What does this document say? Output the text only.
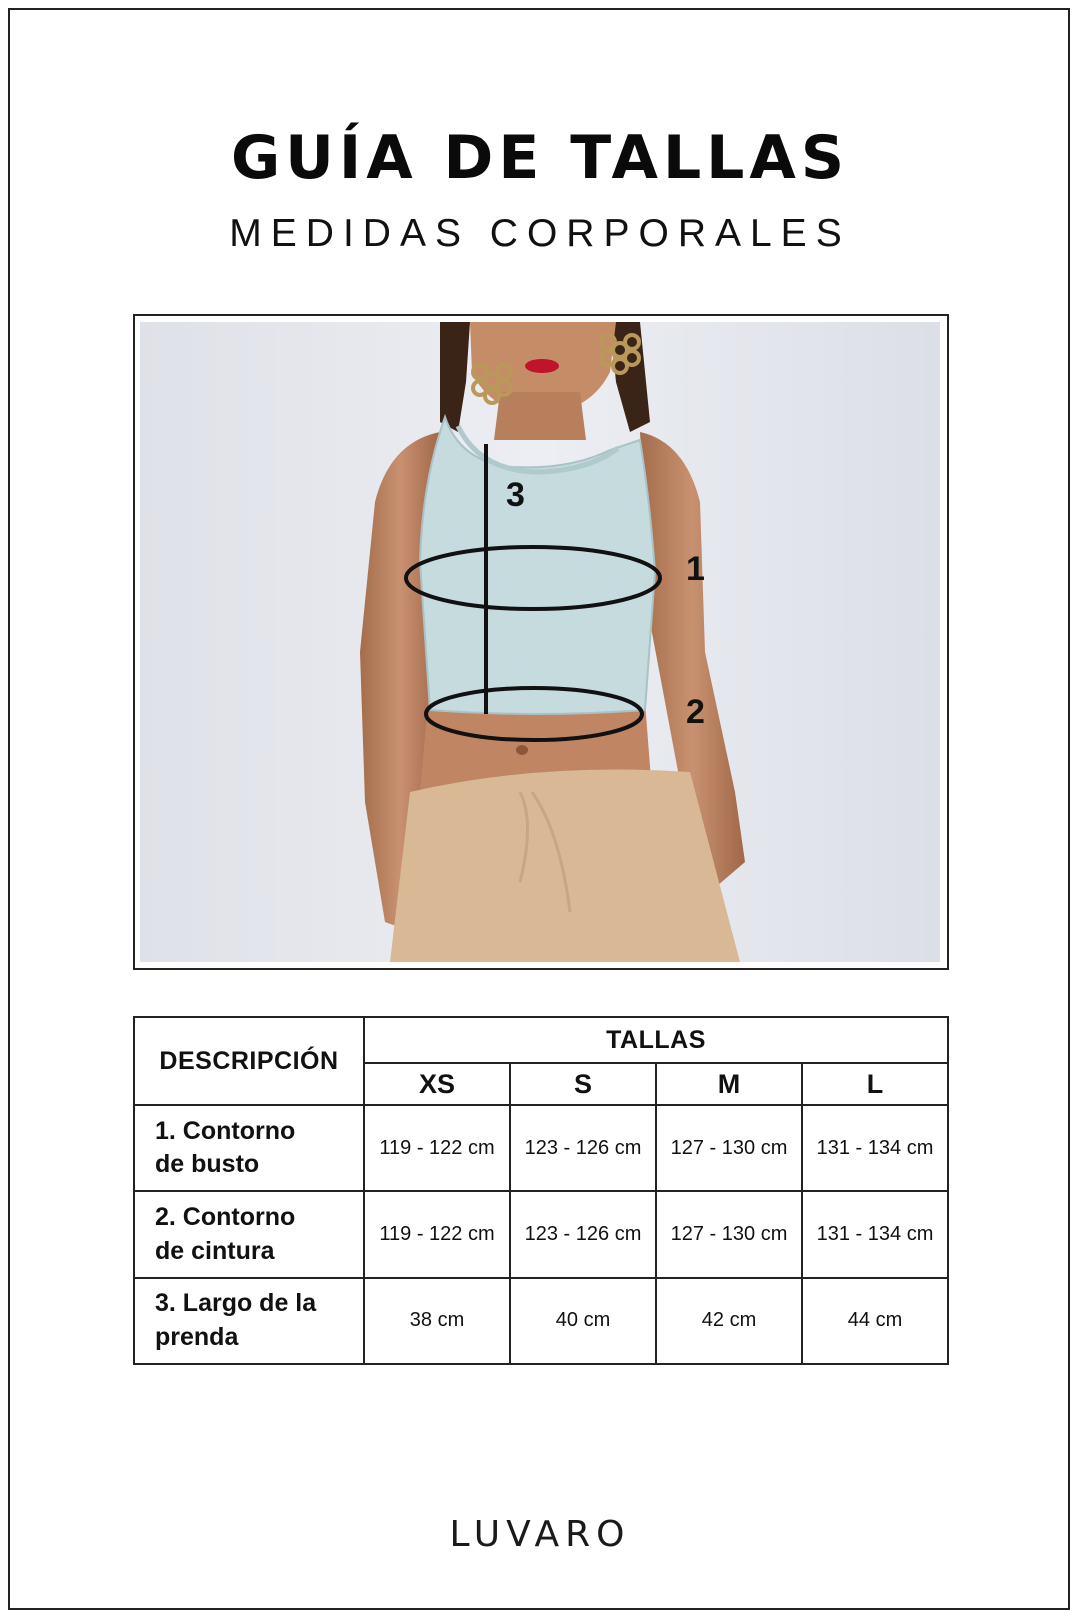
GUÍA DE TALLAS
MEDIDAS CORPORALES
1
2
3
DESCRIPCIÓN	TALLAS			
	XS	S	M	L
1. Contorno
de busto	119 - 122 cm	123 - 126 cm	127 - 130 cm	131 - 134 cm
2. Contorno
de cintura	119 - 122 cm	123 - 126 cm	127 - 130 cm	131 - 134 cm
3. Largo de la
prenda	38 cm	40 cm	42 cm	44 cm
LUVARO
